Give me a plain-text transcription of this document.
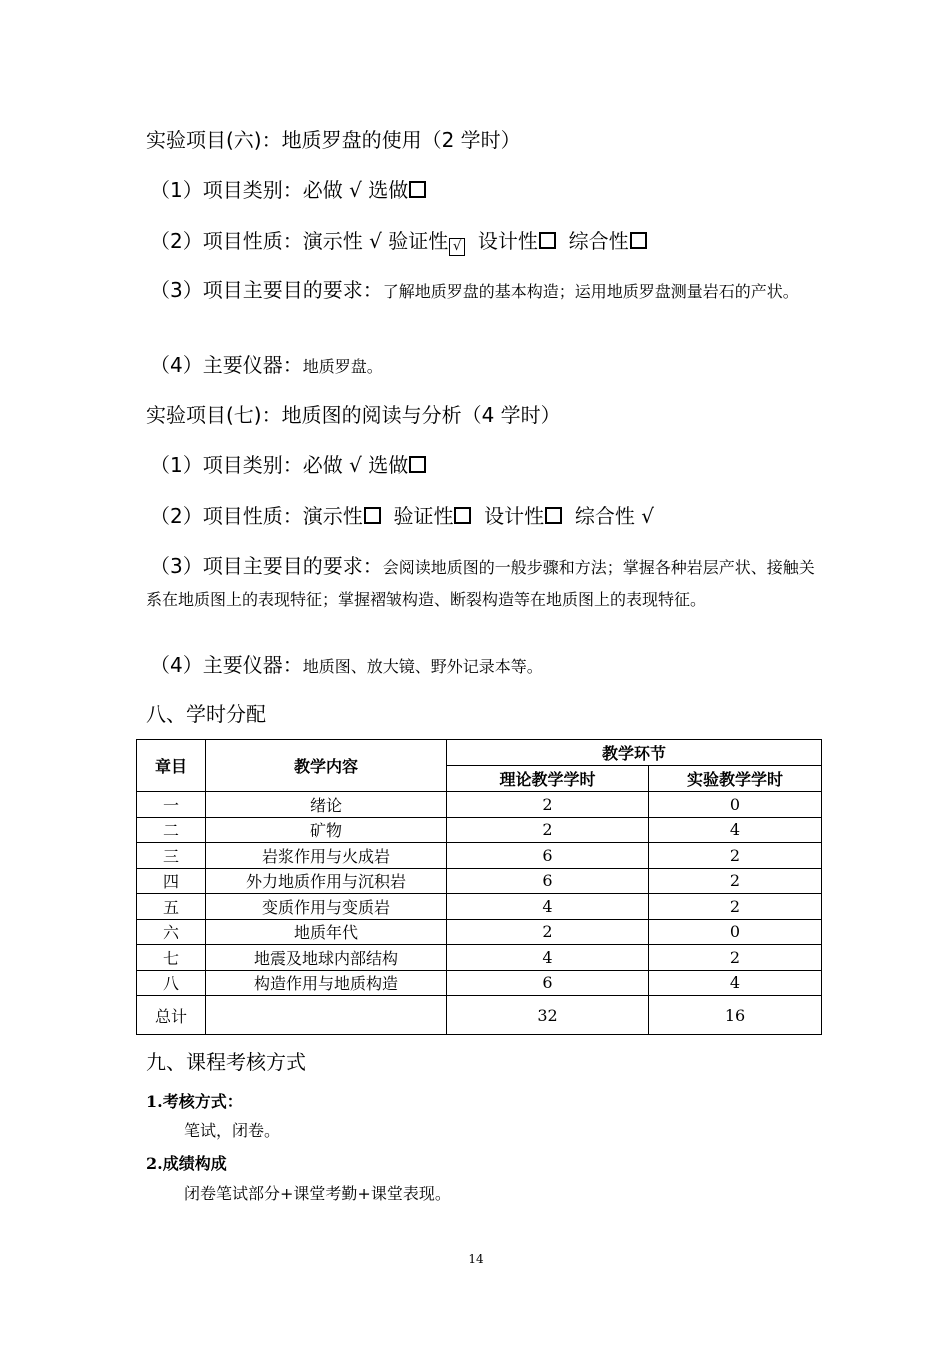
实验项目(六)：地质罗盘的使用（2 学时）
（1）项目类别：必做 √ 选做
（2）项目性质：演示性 √ 验证性 √  设计性  综合性
（3）项目主要目的要求：了解地质罗盘的基本构造；运用地质罗盘测量岩石的产状。
（4）主要仪器：地质罗盘。
实验项目(七)：地质图的阅读与分析（4 学时）
（1）项目类别：必做 √ 选做
（2）项目性质：演示性  验证性  设计性  综合性 √
（3）项目主要目的要求：会阅读地质图的一般步骤和方法；掌握各种岩层产状、接触关系在地质图上的表现特征；掌握褶皱构造、断裂构造等在地质图上的表现特征。
（4）主要仪器：地质图、放大镜、野外记录本等。
八、学时分配
章目	教学内容	教学环节	
		理论教学学时	实验教学学时
一	绪论	2	0
二	矿物	2	4
三	岩浆作用与火成岩	6	2
四	外力地质作用与沉积岩	6	2
五	变质作用与变质岩	4	2
六	地质年代	2	0
七	地震及地球内部结构	4	2
八	构造作用与地质构造	6	4
总计		32	16
九、课程考核方式
1.考核方式：
笔试，闭卷。
2.成绩构成
闭卷笔试部分+课堂考勤+课堂表现。
14
